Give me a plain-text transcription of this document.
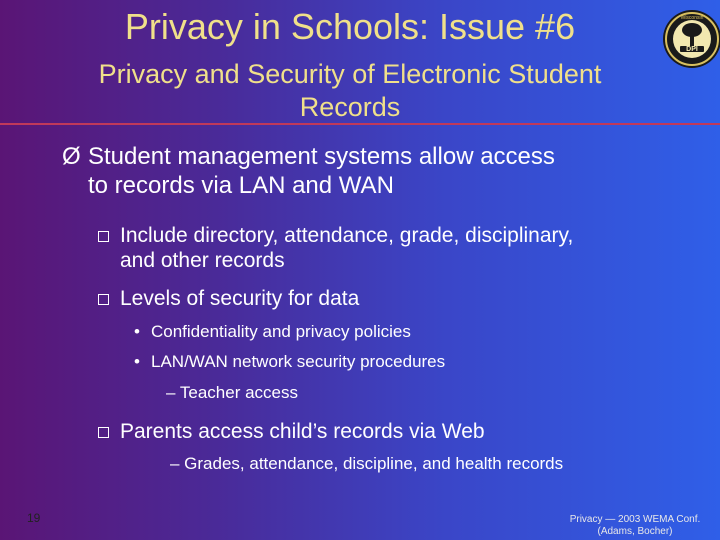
Privacy in Schools: Issue #6
Privacy and Security of Electronic Student
Records
DPI
Wisconsin
Ø Student management systems allow access
to records via LAN and WAN
Include directory, attendance, grade, disciplinary,
and other records
Levels of security for data
• Confidentiality and privacy policies
• LAN/WAN network security procedures
– Teacher access
Parents access child’s records via Web
– Grades, attendance, discipline, and health records
19	Privacy — 2003 WEMA Conf.
(Adams, Bocher)
